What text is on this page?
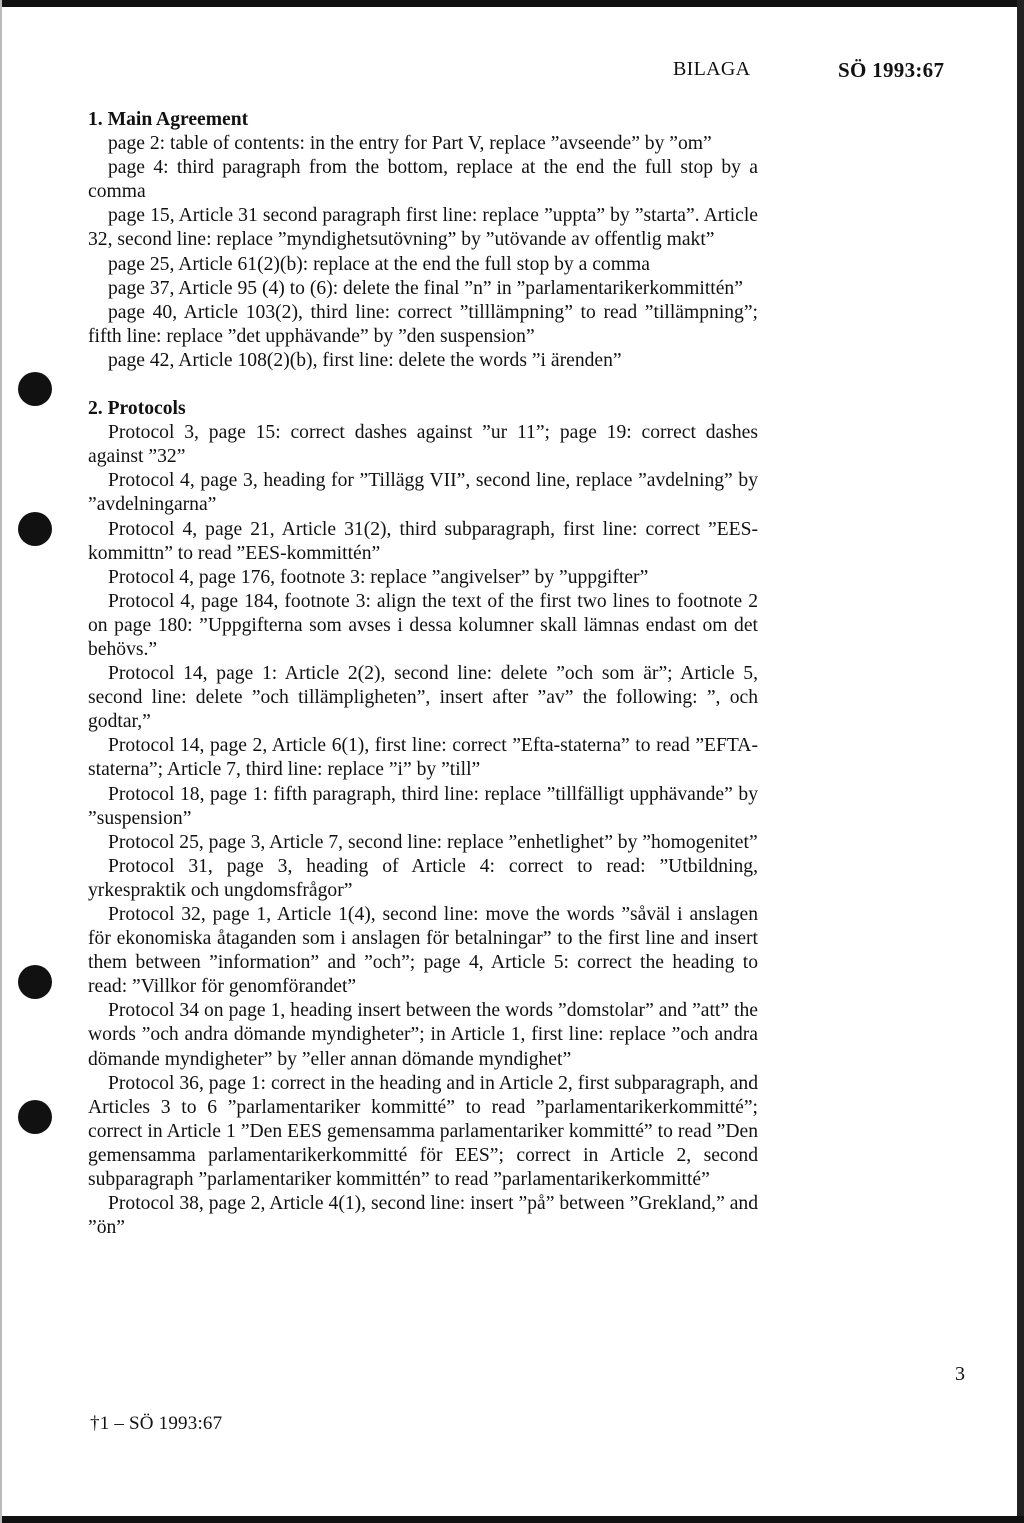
BILAGA	SÖ 1993:67

1. Main Agreement

page 2: table of contents: in the entry for Part V, replace ”avseende” by ”om”

page 4: third paragraph from the bottom, replace at the end the full stop by a comma

page 15, Article 31 second paragraph first line: replace ”uppta” by ”starta”. Article 32, second line: replace ”myndighetsutövning” by ”utövande av offentlig makt”

page 25, Article 61(2)(b): replace at the end the full stop by a comma

page 37, Article 95 (4) to (6): delete the final ”n” in ”parlamentarikerkommittén”

page 40, Article 103(2), third line: correct ”tilllämpning” to read ”tillämpning”; fifth line: replace ”det upphävande” by ”den suspension”

page 42, Article 108(2)(b), first line: delete the words ”i ärenden”

2. Protocols

Protocol 3, page 15: correct dashes against ”ur 11”; page 19: correct dashes against ”32”

Protocol 4, page 3, heading for ”Tillägg VII”, second line, replace ”avdelning” by ”avdelningarna”

Protocol 4, page 21, Article 31(2), third subparagraph, first line: correct ”EES-kommittn” to read ”EES-kommittén”

Protocol 4, page 176, footnote 3: replace ”angivelser” by ”uppgifter”

Protocol 4, page 184, footnote 3: align the text of the first two lines to footnote 2 on page 180: ”Uppgifterna som avses i dessa kolumner skall lämnas endast om det behövs.”

Protocol 14, page 1: Article 2(2), second line: delete ”och som är”; Article 5, second line: delete ”och tillämpligheten”, insert after ”av” the following: ”, och godtar,”

Protocol 14, page 2, Article 6(1), first line: correct ”Efta-staterna” to read ”EFTA-staterna”; Article 7, third line: replace ”i” by ”till”

Protocol 18, page 1: fifth paragraph, third line: replace ”tillfälligt upphävande” by ”suspension”

Protocol 25, page 3, Article 7, second line: replace ”enhetlighet” by ”homogenitet”

Protocol 31, page 3, heading of Article 4: correct to read: ”Utbildning, yrkespraktik och ungdomsfrågor”

Protocol 32, page 1, Article 1(4), second line: move the words ”såväl i anslagen för ekonomiska åtaganden som i anslagen för betalningar” to the first line and insert them between ”information” and ”och”; page 4, Article 5: correct the heading to read: ”Villkor för genomförandet”

Protocol 34 on page 1, heading insert between the words ”domstolar” and ”att” the words ”och andra dömande myndigheter”; in Article 1, first line: replace ”och andra dömande myndigheter” by ”eller annan dömande myndighet”

Protocol 36, page 1: correct in the heading and in Article 2, first subparagraph, and Articles 3 to 6 ”parlamentariker kommitté” to read ”parlamentarikerkommitté”; correct in Article 1 ”Den EES gemensamma parlamentariker kommitté” to read ”Den gemensamma parlamentarikerkommitté för EES”; correct in Article 2, second subparagraph ”parlamentariker kommittén” to read ”parlamentarikerkommitté”

Protocol 38, page 2, Article 4(1), second line: insert ”på” between ”Grekland,” and ”ön”

3
†1 – SÖ 1993:67
